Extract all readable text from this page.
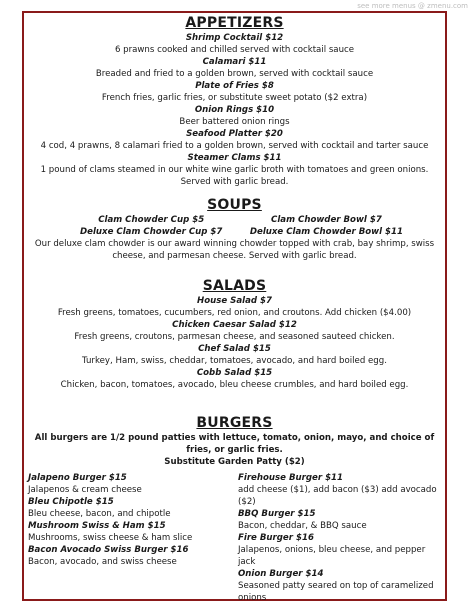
see more menus @ zmenu.com
APPETIZERS
Shrimp Cocktail $12
6 prawns cooked and chilled served with cocktail sauce
Calamari $11
Breaded and fried to a golden brown, served with cocktail sauce
Plate of Fries $8
French fries, garlic fries, or substitute sweet potato ($2 extra)
Onion Rings $10
Beer battered onion rings
Seafood Platter $20
4 cod, 4 prawns, 8 calamari fried to a golden brown, served with cocktail and tarter sauce
Steamer Clams $11
1 pound of clams steamed in our white wine garlic broth with tomatoes and green onions. Served with garlic bread.
SOUPS
Clam Chowder Cup $5
Deluxe Clam Chowder Cup $7
Clam Chowder Bowl $7
Deluxe Clam Chowder Bowl $11
Our deluxe clam chowder is our award winning chowder topped with crab, bay shrimp, swiss cheese, and parmesan cheese. Served with garlic bread.
SALADS
House Salad $7
Fresh greens, tomatoes, cucumbers, red onion, and croutons. Add chicken ($4.00)
Chicken Caesar Salad $12
Fresh greens, croutons, parmesan cheese, and seasoned sauteed chicken.
Chef Salad $15
Turkey, Ham, swiss, cheddar, tomatoes, avocado, and hard boiled egg.
Cobb Salad $15
Chicken, bacon, tomatoes, avocado, bleu cheese crumbles, and hard boiled egg.
BURGERS
All burgers are 1/2 pound patties with lettuce, tomato, onion, mayo, and choice of fries, or garlic fries.
Substitute Garden Patty ($2)
Jalapeno Burger $15
Jalapenos & cream cheese
Bleu Chipotle $15
Bleu cheese, bacon, and chipotle
Mushroom Swiss & Ham $15
Mushrooms, swiss cheese & ham slice
Bacon Avocado Swiss Burger $16
Bacon, avocado, and swiss cheese
Firehouse Burger $11
add cheese ($1), add bacon ($3) add avocado ($2)
BBQ Burger $15
Bacon, cheddar, & BBQ sauce
Fire Burger $16
Jalapenos, onions, bleu cheese, and pepper jack
Onion Burger $14
Seasoned patty seared on top of caramelized onions
